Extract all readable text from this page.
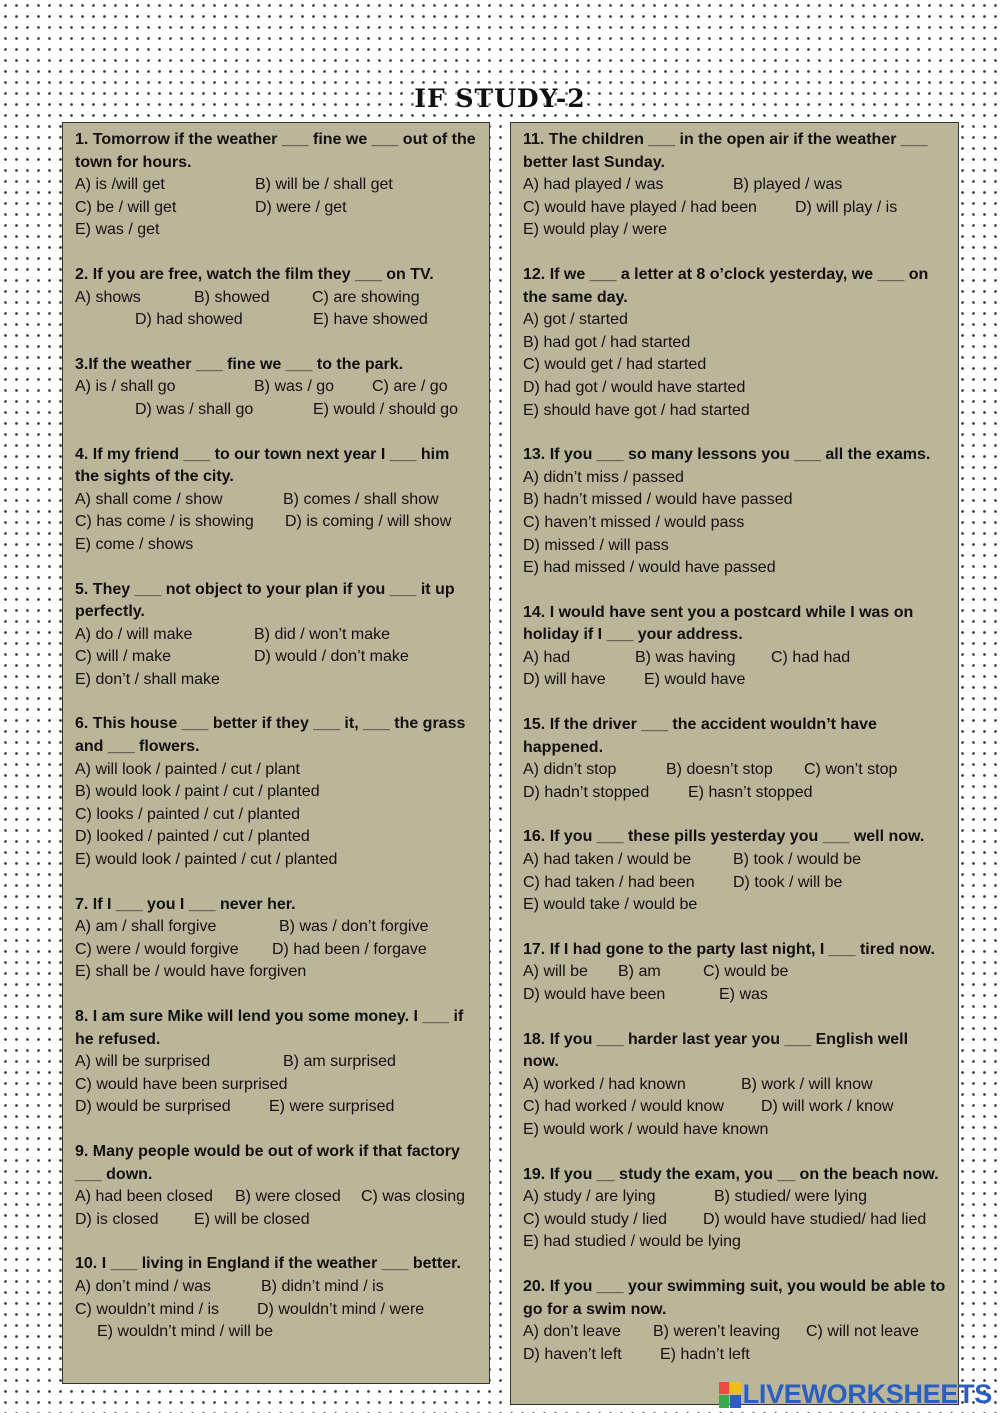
IF STUDY-2
1. Tomorrow if the weather ___ fine we ___ out of the town for hours.
A) is /will get	B) will be / shall get
C) be / will get	D) were / get
E) was / get
2. If you are free, watch the film they ___ on TV.
A) shows	B) showed	C) are showing
D) had showed	E) have showed
3.If the weather ___ fine we ___ to the park.
A) is / shall go	B) was / go C) are / go
D) was / shall go	E) would / should go
4. If my friend ___ to our town next year I ___ him the sights of the city.
A) shall come / show	B) comes / shall show
C) has come / is showing D) is coming / will show
E) come / shows
5. They ___ not object to your plan if you ___ it up perfectly.
A) do / will make	B) did / won’t make
C) will / make	D) would / don’t make
E) don’t / shall make
6. This house ___ better if they ___ it, ___ the grass and ___ flowers.
A) will look / painted / cut / plant
B) would look / paint / cut / planted
C) looks / painted / cut / planted
D) looked / painted / cut / planted
E) would look / painted / cut / planted
7. If I ___ you I ___ never her.
A) am / shall forgive	B) was / don’t forgive
C) were / would forgive D) had been / forgave
E) shall be / would have forgiven
8. I am sure Mike will lend you some money. I ___ if he refused.
A) will be surprised	B) am surprised
C) would have been surprised
D) would be surprised E) were surprised
9. Many people would be out of work if that factory ___ down.
A) had been closed B) were closed C) was closing
D) is closed E) will be closed
10. I ___ living in England if the weather ___ better.
A) don’t mind / was	B) didn’t mind / is
C) wouldn’t mind / is D) wouldn’t mind / were
E) wouldn’t mind / will be
11. The children ___ in the open air if the weather ___ better last Sunday.
A) had played / was	B) played / was
C) would have played / had been D) will play / is
E) would play / were
12. If we ___ a letter at 8 o’clock yesterday, we ___ on the same day.
A) got / started
B) had got / had started
C) would get / had started
D) had got / would have started
E) should have got / had started
13. If you ___ so many lessons you ___ all the exams.
A) didn’t miss / passed
B) hadn’t missed / would have passed
C) haven’t missed / would pass
D) missed / will pass
E) had missed / would have passed
14. I would have sent you a postcard while I was on holiday if I ___ your address.
A) had	B) was having C) had had
D) will have E) would have
15. If the driver ___ the accident wouldn’t have happened.
A) didn’t stop	B) doesn’t stop C) won’t stop
D) hadn’t stopped E) hasn’t stopped
16. If you ___ these pills yesterday you ___ well now.
A) had taken / would be	B) took / would be
C) had taken / had been D) took / will be
E) would take / would be
17. If I had gone to the party last night, I ___ tired now.
A) will be B) am	C) would be
D) would have been	E) was
18. If you ___ harder last year you ___ English well now.
A) worked / had known	B) work / will know
C) had worked / would know D) will work / know
E) would work / would have known
19. If you __ study the exam, you __ on the beach now.
A) study / are lying	B) studied/ were lying
C) would study / lied D) would have studied/ had lied
E) had studied / would be lying
20. If you ___ your swimming suit, you would be able to go for a swim now.
A) don’t leave B) weren’t leaving C) will not leave
D) haven’t left E) hadn’t left
LIVEWORKSHEETS
